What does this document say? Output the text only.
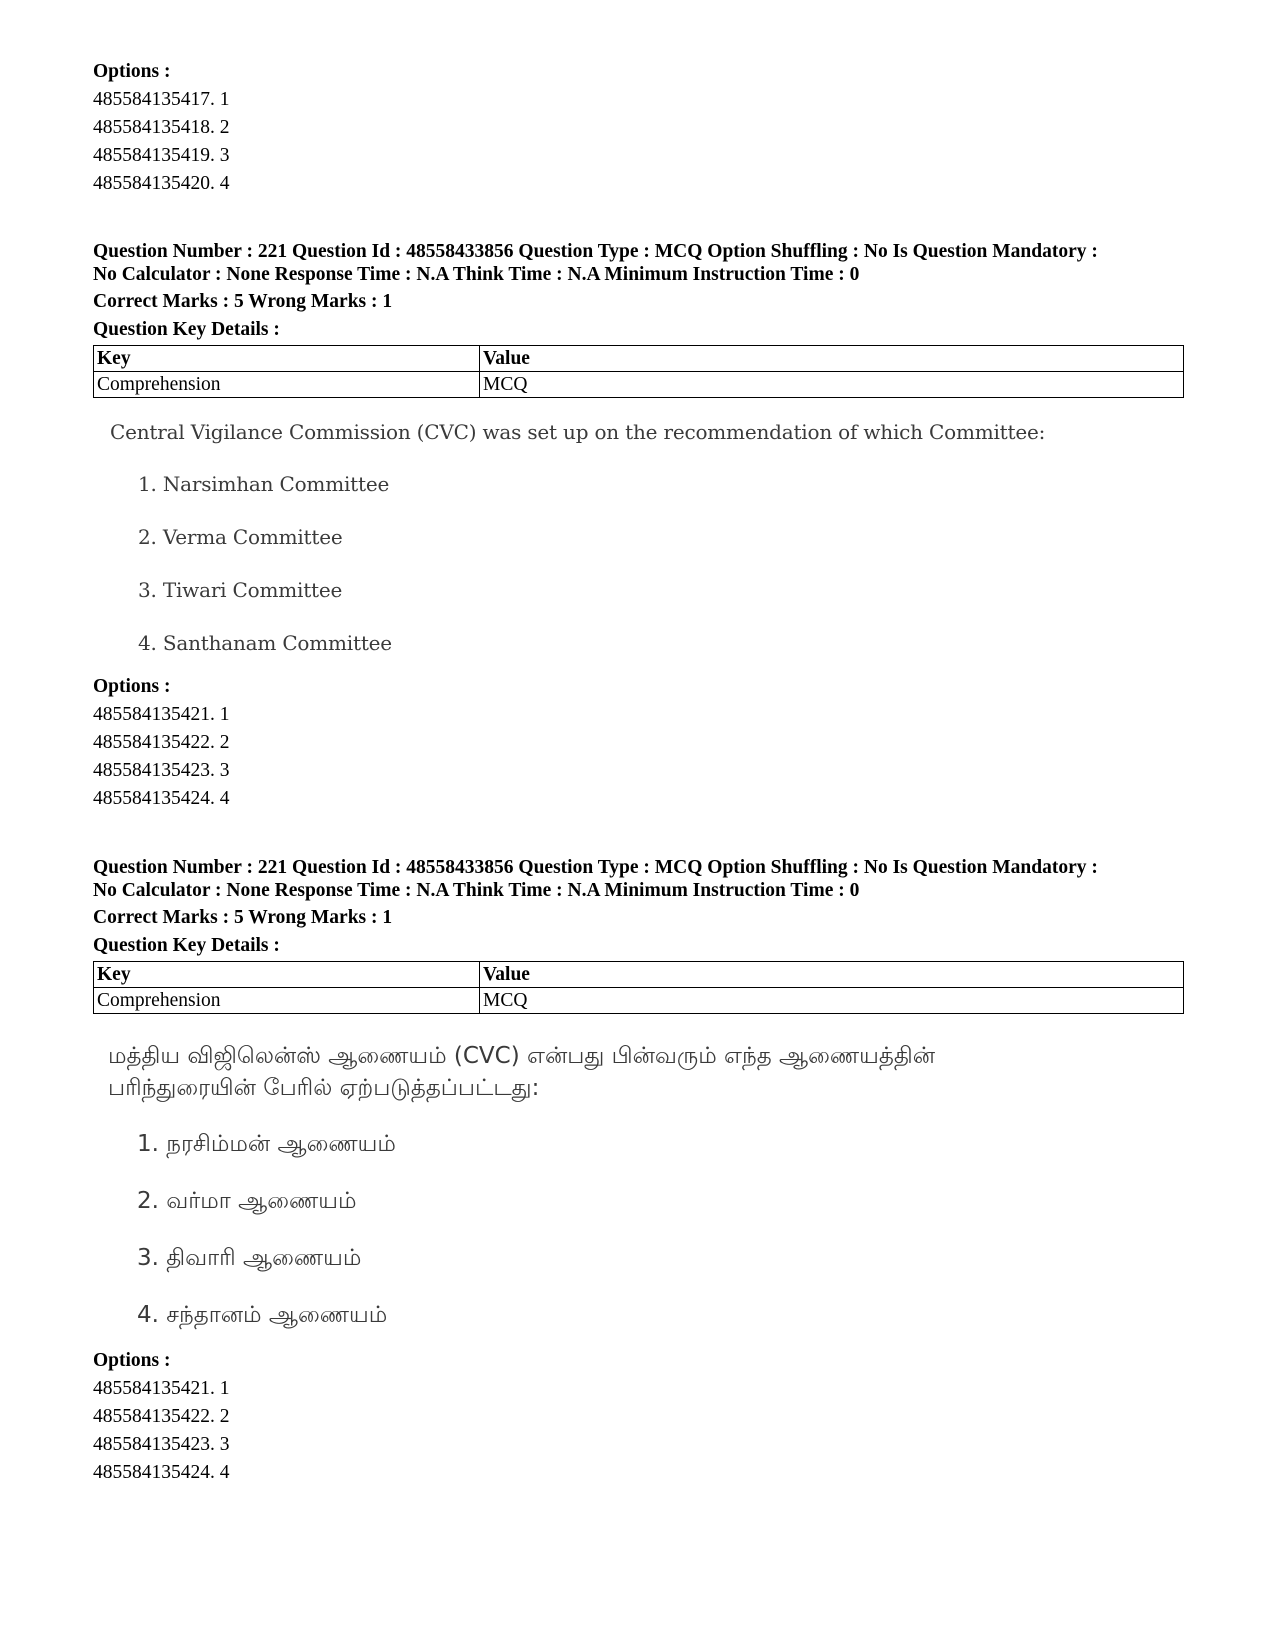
Options :
485584135417. 1
485584135418. 2
485584135419. 3
485584135420. 4
Question Number : 221 Question Id : 48558433856 Question Type : MCQ Option Shuffling : No Is Question Mandatory :
No Calculator : None Response Time : N.A Think Time : N.A Minimum Instruction Time : 0
Correct Marks : 5 Wrong Marks : 1
Question Key Details :
Key	Value
Comprehension	MCQ
Central Vigilance Commission (CVC) was set up on the recommendation of which Committee:
1. Narsimhan Committee
2. Verma Committee
3. Tiwari Committee
4. Santhanam Committee
Options :
485584135421. 1
485584135422. 2
485584135423. 3
485584135424. 4
Question Number : 221 Question Id : 48558433856 Question Type : MCQ Option Shuffling : No Is Question Mandatory :
No Calculator : None Response Time : N.A Think Time : N.A Minimum Instruction Time : 0
Correct Marks : 5 Wrong Marks : 1
Question Key Details :
Key	Value
Comprehension	MCQ
மத்திய விஜிலென்ஸ் ஆணையம் (CVC) என்பது பின்வரும் எந்த ஆணையத்தின்
பரிந்துரையின் பேரில் ஏற்படுத்தப்பட்டது:
1. நரசிம்மன் ஆணையம்
2. வர்மா ஆணையம்
3. திவாரி ஆணையம்
4. சந்தானம் ஆணையம்
Options :
485584135421. 1
485584135422. 2
485584135423. 3
485584135424. 4
